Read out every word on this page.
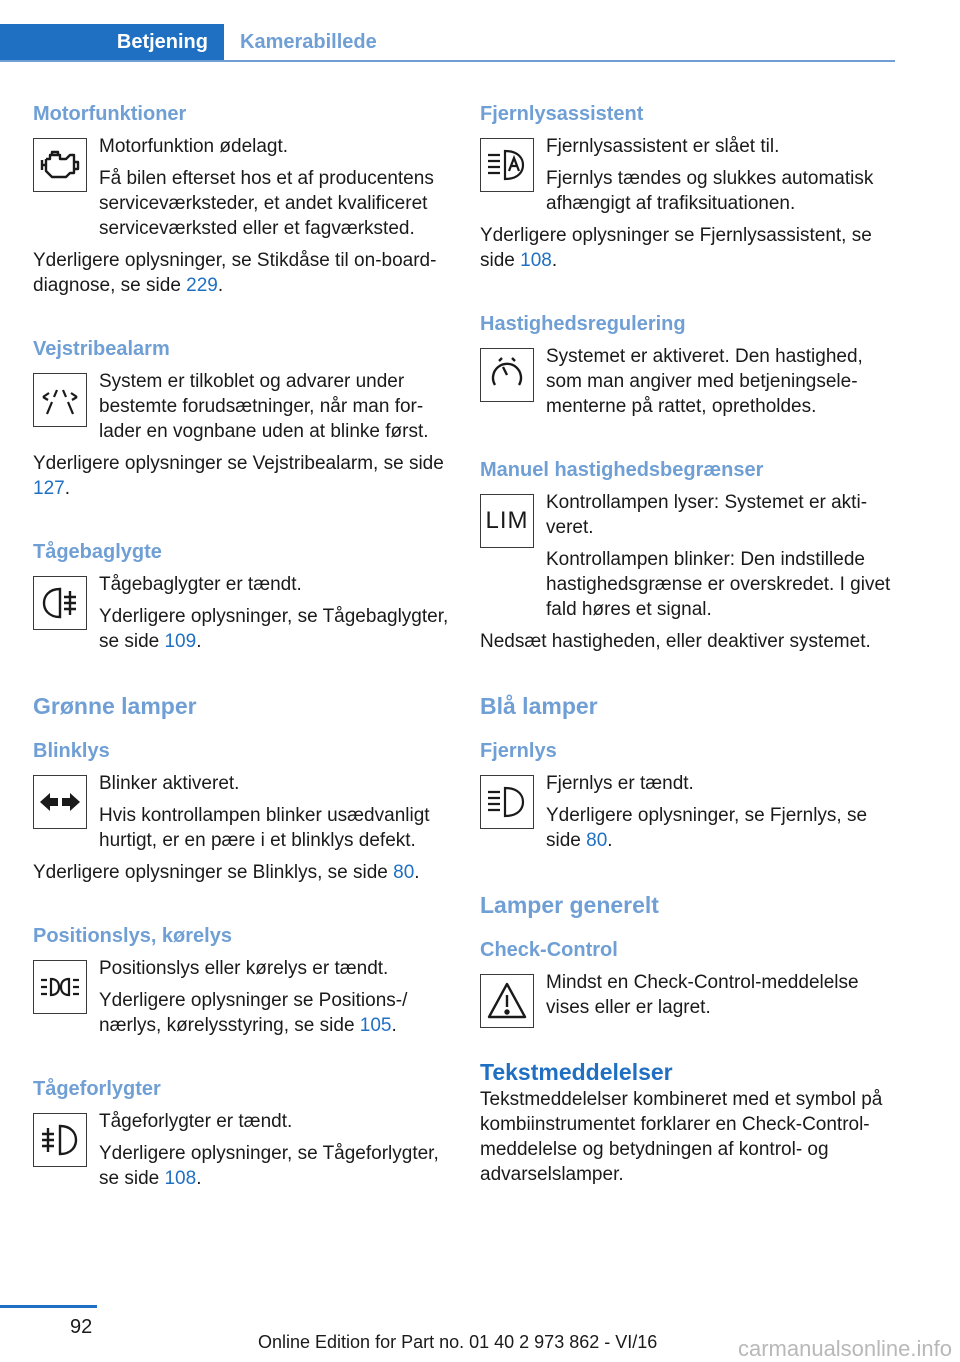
Betjening	Kamerabillede
Motorfunktioner

Motorfunktion ødelagt.

Få bilen efterset hos et af producentens serviceværksteder, et andet kvalificeret serviceværksted eller et fagværksted.

Yderligere oplysninger, se Stikdåse til on-board-diagnose, se side 229.

Vejstribealarm

System er tilkoblet og advarer under bestemte forudsætninger, når man forlader en vognbane uden at blinke først.

Yderligere oplysninger se Vejstribealarm, se side 127.

Tågebaglygte

Tågebaglygter er tændt.

Yderligere oplysninger, se Tågebaglygter, se side 109.

Grønne lamper
Blinklys

Blinker aktiveret.

Hvis kontrollampen blinker usædvanligt hurtigt, er en pære i et blinklys defekt.

Yderligere oplysninger se Blinklys, se side 80.

Positionslys, kørelys

Positionslys eller kørelys er tændt.

Yderligere oplysninger se Positions-/ nærlys, kørelysstyring, se side 105.

Tågeforlygter

Tågeforlygter er tændt.

Yderligere oplysninger, se Tågeforlygter, se side 108.

Fjernlysassistent

Fjernlysassistent er slået til.

Fjernlys tændes og slukkes automatisk afhængigt af trafiksituationen.

Yderligere oplysninger se Fjernlysassistent, se side 108.

Hastighedsregulering

Systemet er aktiveret. Den hastighed, som man angiver med betjeningselementerne på rattet, opretholdes.

Manuel hastighedsbegrænser
LIM

Kontrollampen lyser: Systemet er aktiveret.

Kontrollampen blinker: Den indstillede hastighedsgrænse er overskredet. I givet fald høres et signal.

Nedsæt hastigheden, eller deaktiver systemet.

Blå lamper
Fjernlys

Fjernlys er tændt.

Yderligere oplysninger, se Fjernlys, se side 80.

Lamper generelt
Check-Control

Mindst en Check-Control-meddelelse vises eller er lagret.

Tekstmeddelelser

Tekstmeddelelser kombineret med et symbol på kombiinstrumentet forklarer en Check-Control-meddelelse og betydningen af kontrol- og advarselslamper.

92
Online Edition for Part no. 01 40 2 973 862 - VI/16	carmanualsonline.info
